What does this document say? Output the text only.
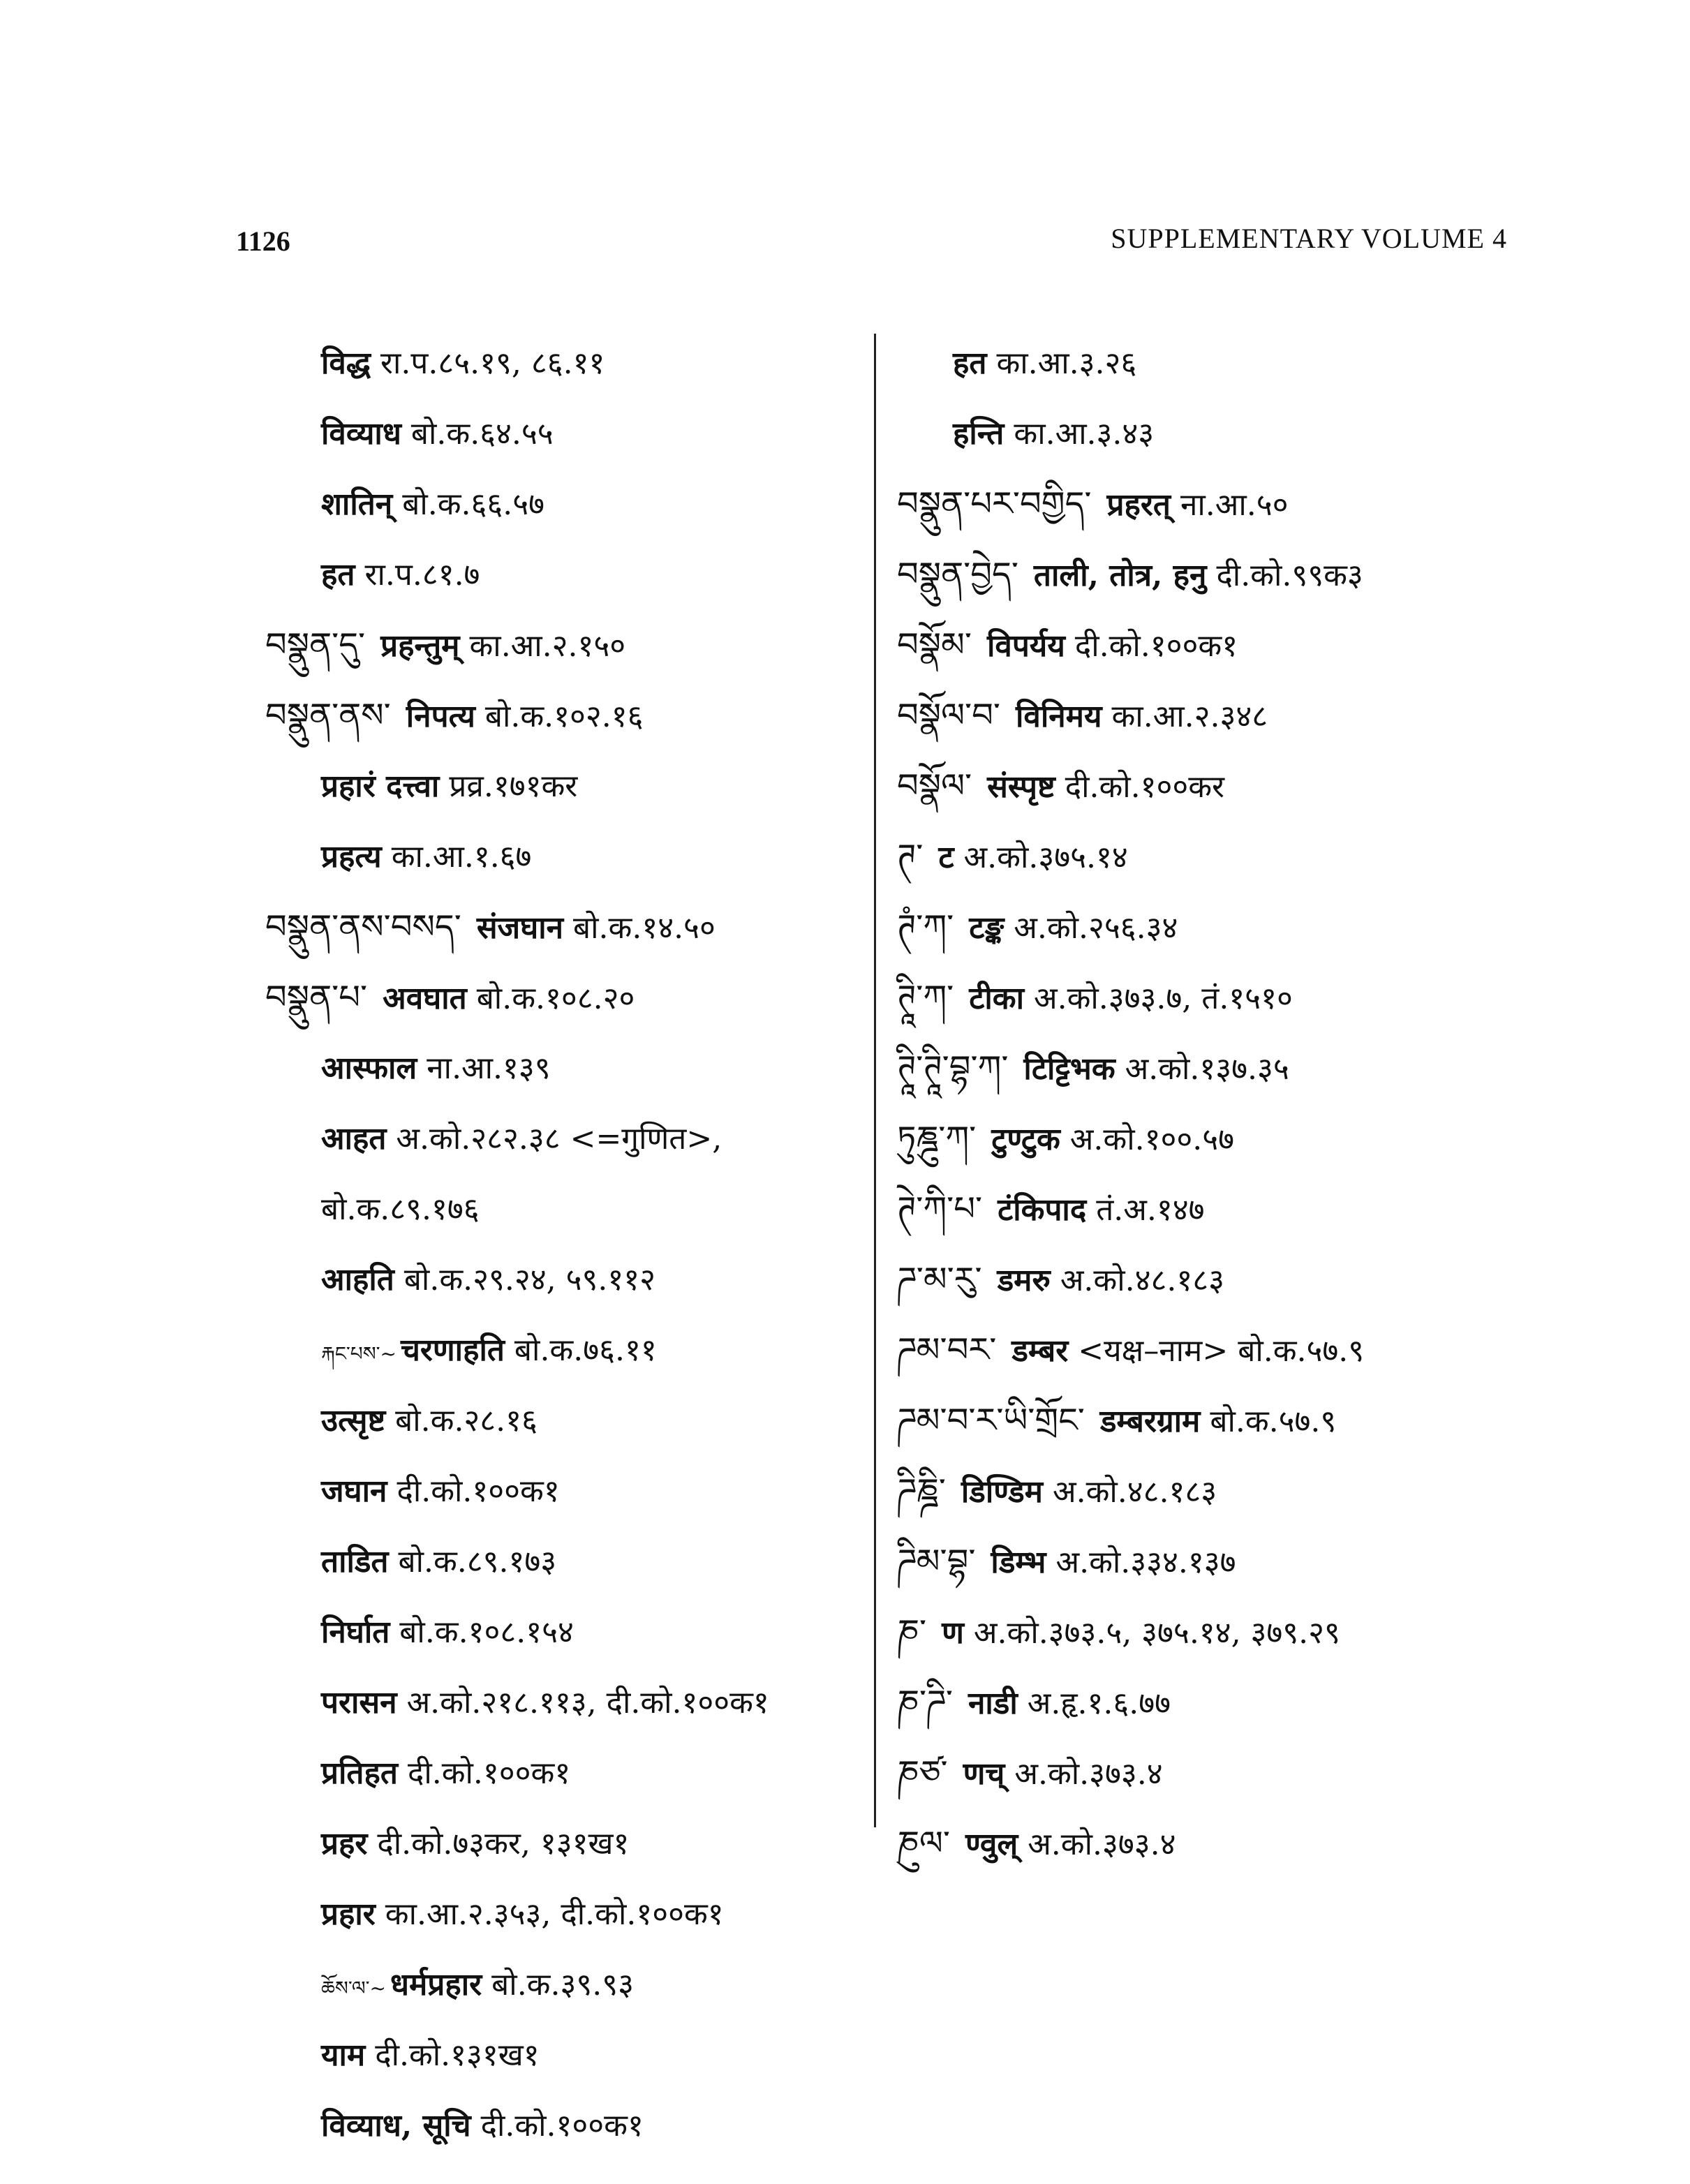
1126	SUPPLEMENTARY VOLUME 4
विद्ध रा.प.८५.१९, ८६.११
विव्याध बो.क.६४.५५
शातिन् बो.क.६६.५७
हत रा.प.८१.७
བསྣུན་དུ་ प्रहन्तुम् का.आ.२.१५०
བསྣུན་ནས་ निपत्य बो.क.१०२.१६
प्रहारं दत्त्वा प्रव्र.१७१कर
प्रहत्य का.आ.१.६७
བསྣུན་ནས་བསད་ संजघान बो.क.१४.५०
བསྣུན་པ་ अवघात बो.क.१०८.२०
आस्फाल ना.आ.१३९
आहत अ.को.२८२.३८ <=गुणित>,
बो.क.८९.१७६
आहति बो.क.२९.२४, ५९.११२
རྐང་པས་~ चरणाहति बो.क.७६.११
उत्सृष्ट बो.क.२८.१६
जघान दी.को.१००क१
ताडित बो.क.८९.१७३
निर्घात बो.क.१०८.१५४
परासन अ.को.२१८.११३, दी.को.१००क१
प्रतिहत दी.को.१००क१
प्रहर दी.को.७३कर, १३१ख१
प्रहार का.आ.२.३५३, दी.को.१००क१
ཆོས་ལ་~ धर्मप्रहार बो.क.३९.९३
याम दी.को.१३१ख१
विव्याध, सूचि दी.को.१००क१
हत का.आ.३.२६
हन्ति का.आ.३.४३
བསྣུན་པར་བགྱིད་ प्रहरत् ना.आ.५०
བསྣུན་བྱེད་ ताली, तोत्र, हनु दी.को.९९क३
བསྣོམ་ विपर्यय दी.को.१००क१
བསྣོལ་བ་ विनिमय का.आ.२.३४८
བསྣོལ་ संस्पृष्ट दी.को.१००कर
ཊ་ ट अ.को.३७५.१४
ཊཾ་ཀ་ टङ्क अ.को.२५६.३४
ཊཱི་ཀ་ टीका अ.को.३७३.७, तं.१५१०
ཊཱི་ཊཱི་བྷ་ཀ་ टिट्टिभक अ.को.१३७.३५
ཏུཎྜུ་ཀ་ टुण्टुक अ.को.१००.५७
ཊེ་ཀི་པ་ टंकिपाद तं.अ.१४७
ཌ་མ་རུ་ डमरु अ.को.४८.१८३
ཌམ་བར་ डम्बर <यक्ष–नाम> बो.क.५७.९
ཌམ་བ་ར་ཡི་གྲོང་ डम्बरग्राम बो.क.५७.९
ཌིཎྜི་ डिण्डिम अ.को.४८.१८३
ཌིམ་བྷ་ डिम्भ अ.को.३३४.१३७
ཎ་ ण अ.को.३७३.५, ३७५.१४, ३७९.२९
ཎ་ཌི་ नाडी अ.हृ.१.६.७७
ཎཙ་ णच् अ.को.३७३.४
ཎུལ་ ण्वुल् अ.को.३७३.४
